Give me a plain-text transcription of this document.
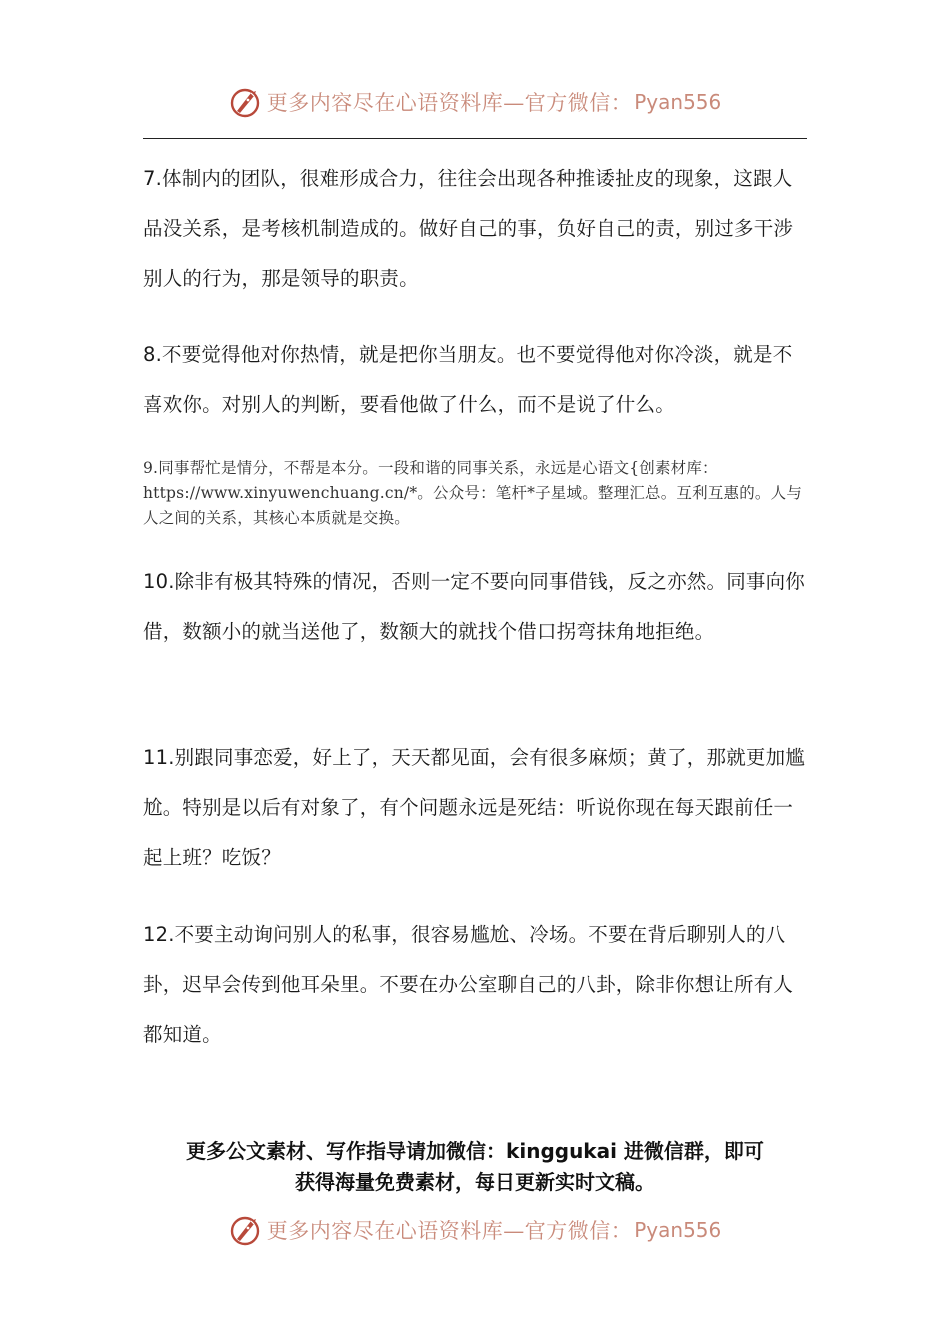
更多内容尽在心语资料库—官方微信： Pyan556

7.体制内的团队，很难形成合力，往往会出现各种推诿扯皮的现象，这跟人品没关系，是考核机制造成的。做好自己的事，负好自己的责，别过多干涉别人的行为，那是领导的职责。

8.不要觉得他对你热情，就是把你当朋友。也不要觉得他对你冷淡，就是不喜欢你。对别人的判断，要看他做了什么，而不是说了什么。

9.同事帮忙是情分，不帮是本分。一段和谐的同事关系，永远是心语文{创素材库：https://www.xinyuwenchuang.cn/*。公众号：笔杆*子星域。整理汇总。互利互惠的。人与人之间的关系，其核心本质就是交换。

10.除非有极其特殊的情况，否则一定不要向同事借钱，反之亦然。同事向你借，数额小的就当送他了，数额大的就找个借口拐弯抹角地拒绝。

11.别跟同事恋爱，好上了，天天都见面，会有很多麻烦；黄了，那就更加尴尬。特别是以后有对象了，有个问题永远是死结：听说你现在每天跟前任一起上班？吃饭？

12.不要主动询问别人的私事，很容易尴尬、冷场。不要在背后聊别人的八卦，迟早会传到他耳朵里。不要在办公室聊自己的八卦，除非你想让所有人都知道。

更多公文素材、写作指导请加微信：kinggukai 进微信群，即可
获得海量免费素材，每日更新实时文稿。
更多内容尽在心语资料库—官方微信： Pyan556
